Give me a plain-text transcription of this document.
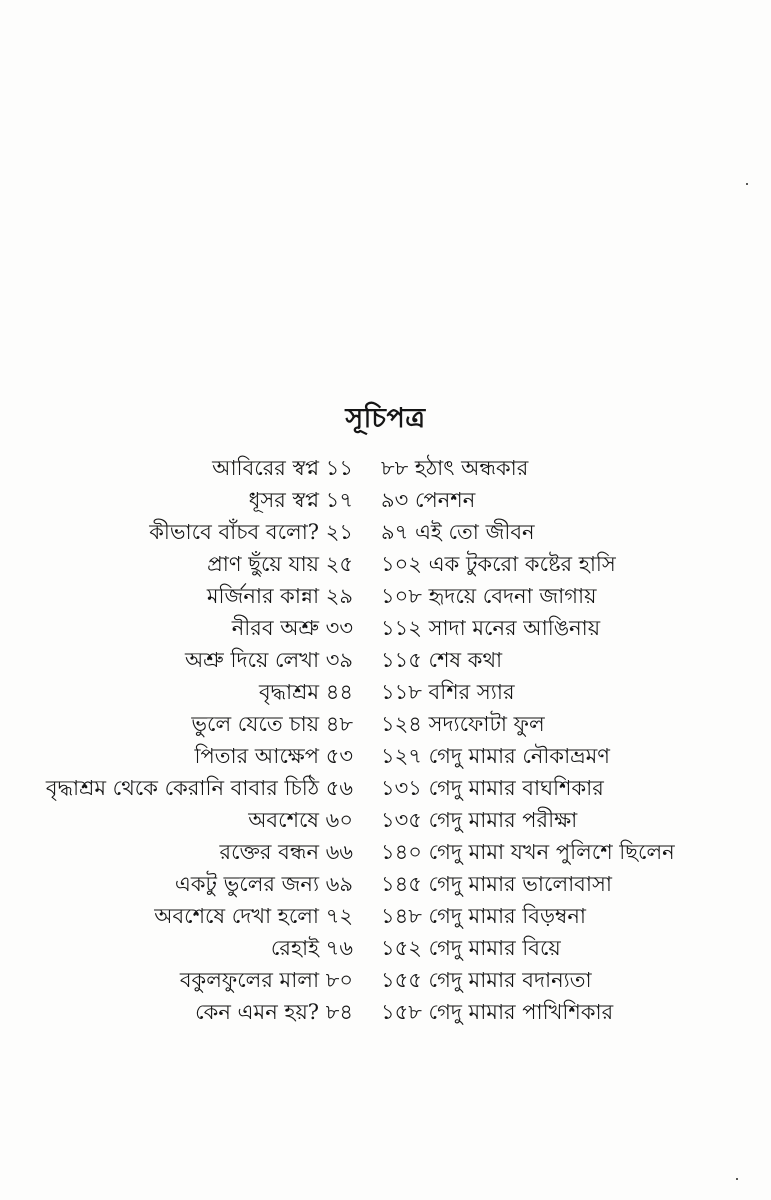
সূচিপত্র
আবিরের স্বপ্ন ১১ ৮৮ হঠাৎ অন্ধকার
ধূসর স্বপ্ন ১৭ ৯৩ পেনশন
কীভাবে বাঁচব বলো? ২১ ৯৭ এই তো জীবন
প্রাণ ছুঁয়ে যায় ২৫ ১০২ এক টুকরো কষ্টের হাসি
মর্জিনার কান্না ২৯ ১০৮ হৃদয়ে বেদনা জাগায়
নীরব অশ্রু ৩৩ ১১২ সাদা মনের আঙিনায়
অশ্রু দিয়ে লেখা ৩৯ ১১৫ শেষ কথা
বৃদ্ধাশ্রম ৪৪ ১১৮ বশির স্যার
ভুলে যেতে চায় ৪৮ ১২৪ সদ্যফোটা ফুল
পিতার আক্ষেপ ৫৩ ১২৭ গেদু মামার নৌকাভ্রমণ
বৃদ্ধাশ্রম থেকে কেরানি বাবার চিঠি ৫৬ ১৩১ গেদু মামার বাঘশিকার
অবশেষে ৬০ ১৩৫ গেদু মামার পরীক্ষা
রক্তের বন্ধন ৬৬ ১৪০ গেদু মামা যখন পুলিশে ছিলেন
একটু ভুলের জন্য ৬৯ ১৪৫ গেদু মামার ভালোবাসা
অবশেষে দেখা হলো ৭২ ১৪৮ গেদু মামার বিড়ম্বনা
রেহাই ৭৬ ১৫২ গেদু মামার বিয়ে
বকুলফুলের মালা ৮০ ১৫৫ গেদু মামার বদান্যতা
কেন এমন হয়? ৮৪ ১৫৮ গেদু মামার পাখিশিকার
